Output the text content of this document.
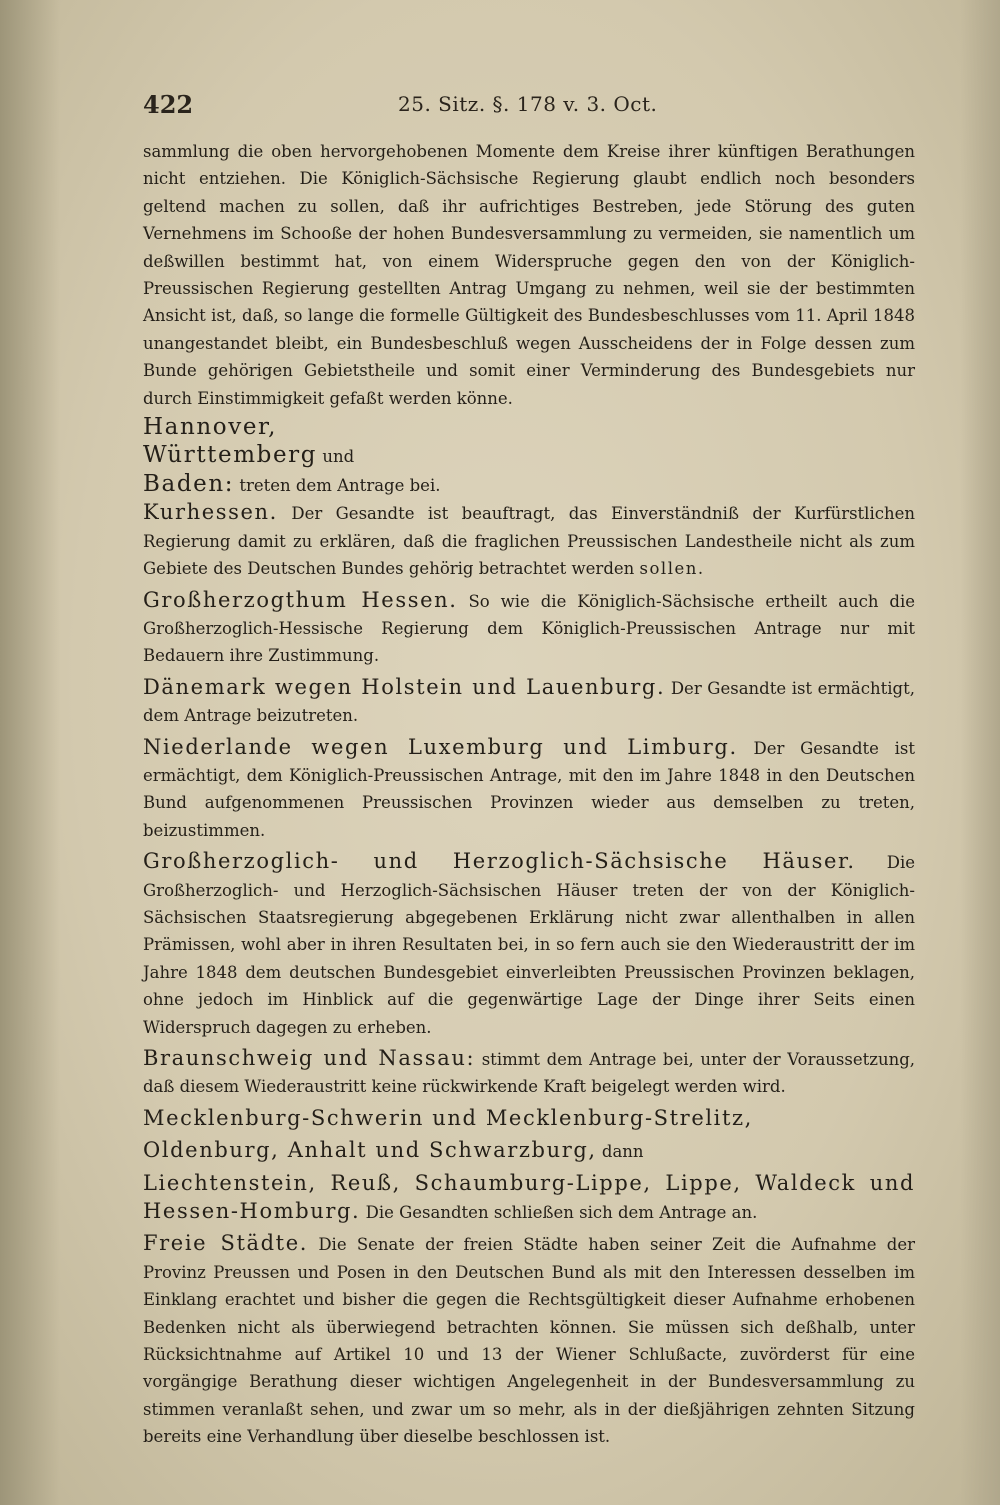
422	25. Sitz. §. 178 v. 3. Oct.

sammlung die oben hervorgehobenen Momente dem Kreise ihrer künftigen Berathungen nicht entziehen. Die Königlich-Sächsische Regierung glaubt endlich noch besonders geltend machen zu sollen, daß ihr aufrichtiges Bestreben, jede Störung des guten Vernehmens im Schooße der hohen Bundesversammlung zu vermeiden, sie namentlich um deßwillen bestimmt hat, von einem Widerspruche gegen den von der Königlich-Preussischen Regierung gestellten Antrag Umgang zu nehmen, weil sie der bestimmten Ansicht ist, daß, so lange die formelle Gültigkeit des Bundesbeschlusses vom 11. April 1848 unangestandet bleibt, ein Bundesbeschluß wegen Ausscheidens der in Folge dessen zum Bunde gehörigen Gebietstheile und somit einer Verminderung des Bundesgebiets nur durch Einstimmigkeit gefaßt werden könne.

Hannover,

Württemberg und

Baden: treten dem Antrage bei.

Kurhessen. Der Gesandte ist beauftragt, das Einverständniß der Kurfürstlichen Regierung damit zu erklären, daß die fraglichen Preussischen Landestheile nicht als zum Gebiete des Deutschen Bundes gehörig betrachtet werden sollen.

Großherzogthum Hessen. So wie die Königlich-Sächsische ertheilt auch die Großherzoglich-Hessische Regierung dem Königlich-Preussischen Antrage nur mit Bedauern ihre Zustimmung.

Dänemark wegen Holstein und Lauenburg. Der Gesandte ist ermächtigt, dem Antrage beizutreten.

Niederlande wegen Luxemburg und Limburg. Der Gesandte ist ermächtigt, dem Königlich-Preussischen Antrage, mit den im Jahre 1848 in den Deutschen Bund aufgenommenen Preussischen Provinzen wieder aus demselben zu treten, beizustimmen.

Großherzoglich- und Herzoglich-Sächsische Häuser. Die Großherzoglich- und Herzoglich-Sächsischen Häuser treten der von der Königlich-Sächsischen Staatsregierung abgegebenen Erklärung nicht zwar allenthalben in allen Prämissen, wohl aber in ihren Resultaten bei, in so fern auch sie den Wiederaustritt der im Jahre 1848 dem deutschen Bundesgebiet einverleibten Preussischen Provinzen beklagen, ohne jedoch im Hinblick auf die gegenwärtige Lage der Dinge ihrer Seits einen Widerspruch dagegen zu erheben.

Braunschweig und Nassau: stimmt dem Antrage bei, unter der Voraussetzung, daß diesem Wiederaustritt keine rückwirkende Kraft beigelegt werden wird.

Mecklenburg-Schwerin und Mecklenburg-Strelitz,

Oldenburg, Anhalt und Schwarzburg, dann

Liechtenstein, Reuß, Schaumburg-Lippe, Lippe, Waldeck und Hessen-Homburg. Die Gesandten schließen sich dem Antrage an.

Freie Städte. Die Senate der freien Städte haben seiner Zeit die Aufnahme der Provinz Preussen und Posen in den Deutschen Bund als mit den Interessen desselben im Einklang erachtet und bisher die gegen die Rechtsgültigkeit dieser Aufnahme erhobenen Bedenken nicht als überwiegend betrachten können. Sie müssen sich deßhalb, unter Rücksichtnahme auf Artikel 10 und 13 der Wiener Schlußacte, zuvörderst für eine vorgängige Berathung dieser wichtigen Angelegenheit in der Bundesversammlung zu stimmen veranlaßt sehen, und zwar um so mehr, als in der dießjährigen zehnten Sitzung bereits eine Verhandlung über dieselbe beschlossen ist.
